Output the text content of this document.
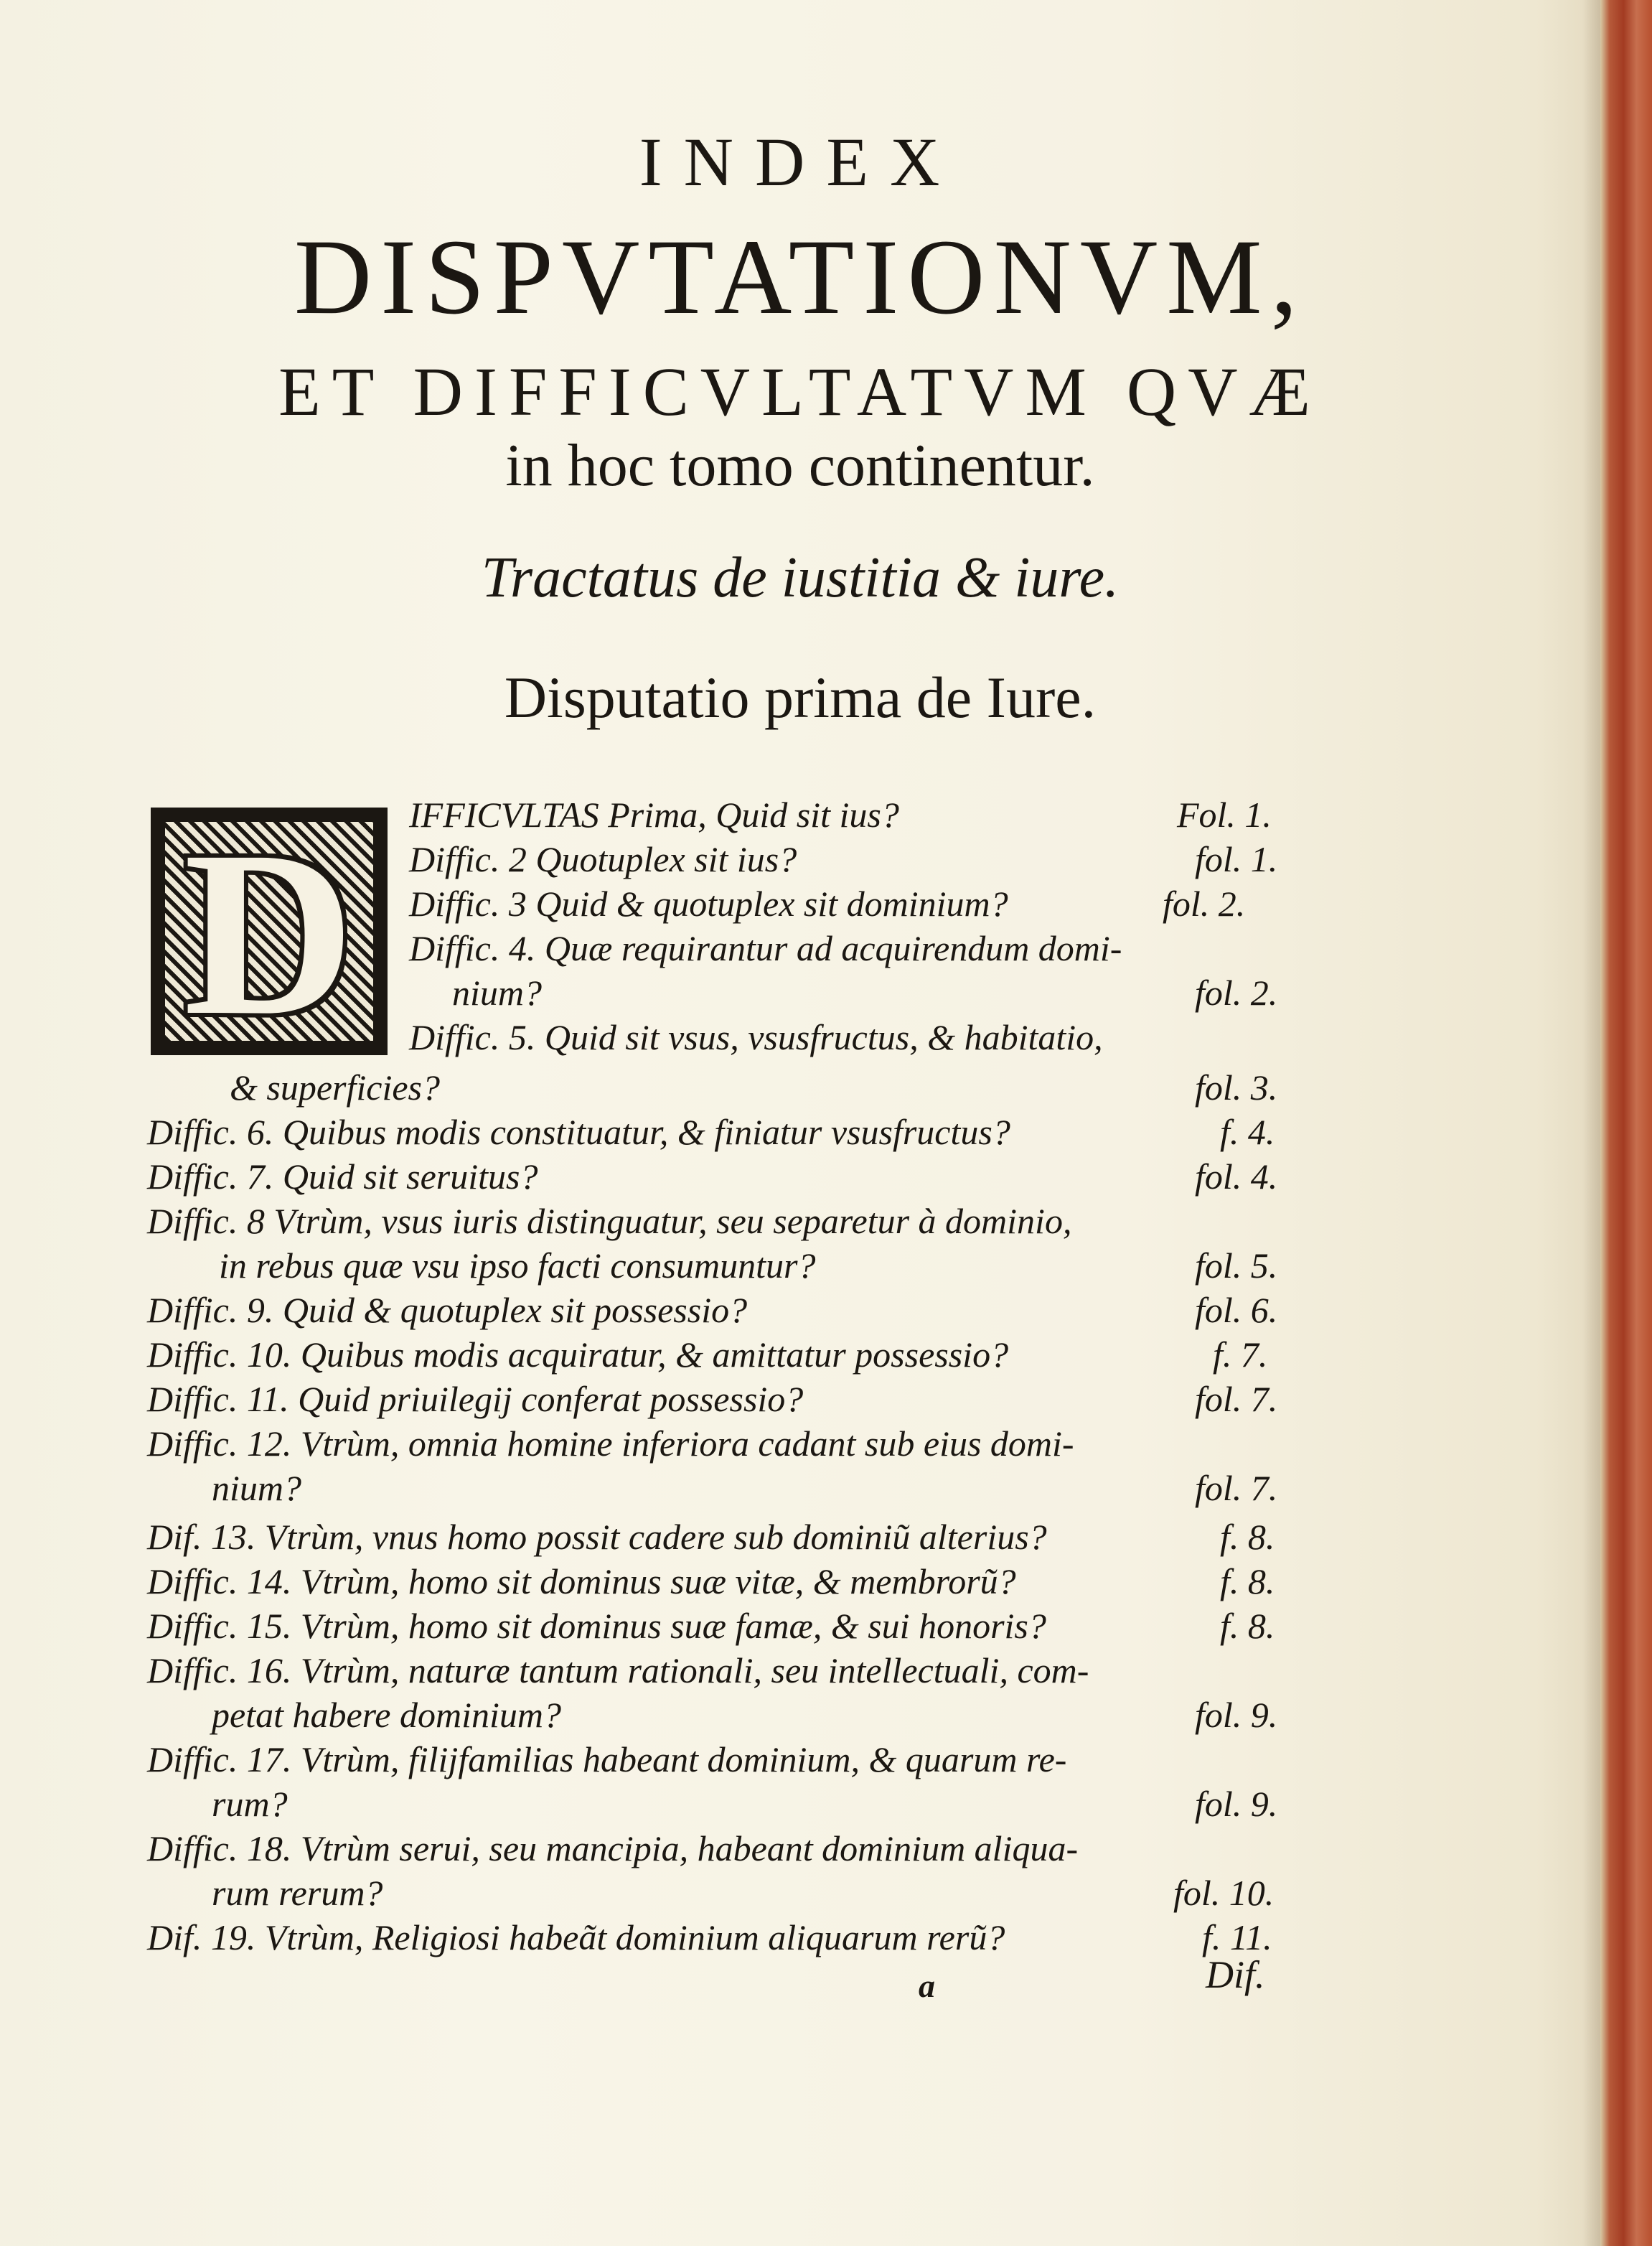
INDEX
DISPVTATIONVM,
ET DIFFICVLTATVM QVÆ
in hoc tomo continentur.
Tractatus de iustitia & iure.
Disputatio prima de Iure.
D	IFFICVLTAS Prima, Quid sit ius?	Fol. 1.
Diffic. 2 Quotuplex sit ius?	fol. 1.
Diffic. 3 Quid & quotuplex sit dominium?	fol. 2.
Diffic. 4. Quæ requirantur ad acquirendum domi-
nium?	fol. 2.
Diffic. 5. Quid sit vsus, vsusfructus, & habitatio,
& superficies?	fol. 3.
Diffic. 6. Quibus modis constituatur, & finiatur vsusfructus?	f. 4.
Diffic. 7. Quid sit seruitus?	fol. 4.
Diffic. 8 Vtrùm, vsus iuris distinguatur, seu separetur à dominio,
in rebus quæ vsu ipso facti consumuntur?	fol. 5.
Diffic. 9. Quid & quotuplex sit possessio?	fol. 6.
Diffic. 10. Quibus modis acquiratur, & amittatur possessio?	f. 7.
Diffic. 11. Quid priuilegij conferat possessio?	fol. 7.
Diffic. 12. Vtrùm, omnia homine inferiora cadant sub eius domi-
nium?	fol. 7.
Dif. 13. Vtrùm, vnus homo possit cadere sub dominiũ alterius?	f. 8.
Diffic. 14. Vtrùm, homo sit dominus suæ vitæ, & membrorũ?	f. 8.
Diffic. 15. Vtrùm, homo sit dominus suæ famæ, & sui honoris?	f. 8.
Diffic. 16. Vtrùm, naturæ tantum rationali, seu intellectuali, com-
petat habere dominium?	fol. 9.
Diffic. 17. Vtrùm, filijfamilias habeant dominium, & quarum re-
rum?	fol. 9.
Diffic. 18. Vtrùm serui, seu mancipia, habeant dominium aliqua-
rum rerum?	fol. 10.
Dif. 19. Vtrùm, Religiosi habeãt dominium aliquarum rerũ?	f. 11.
a	Dif.
